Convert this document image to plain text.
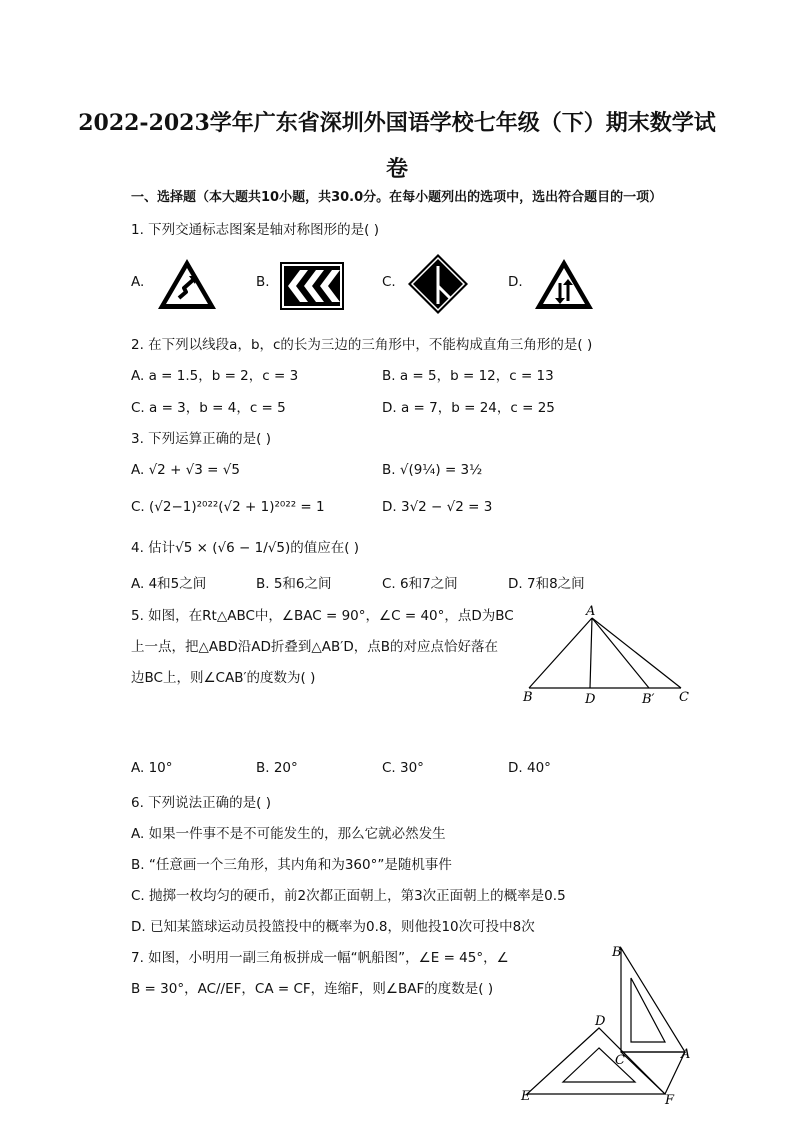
2022-2023学年广东省深圳外国语学校七年级（下）期末数学试
卷
一、选择题（本大题共10小题，共30.0分。在每小题列出的选项中，选出符合题目的一项）
1. 下列交通标志图案是轴对称图形的是( )
A.	B.	C.	D.
2. 在下列以线段a，b，c的长为三边的三角形中，不能构成直角三角形的是( )
A. a = 1.5，b = 2，c = 3	B. a = 5，b = 12，c = 13
C. a = 3，b = 4，c = 5	D. a = 7，b = 24，c = 25
3. 下列运算正确的是( )
A. √2 + √3 = √5	B. √(9¼) = 3½
C. (√2−1)²⁰²²(√2 + 1)²⁰²² = 1	D. 3√2 − √2 = 3
4. 估计√5 × (√6 − 1/√5)的值应在( )
A. 4和5之间	B. 5和6之间	C. 6和7之间	D. 7和8之间
5. 如图，在Rt△ABC中，∠BAC = 90°，∠C = 40°，点D为BC
上一点，把△ABD沿AD折叠到△AB′D，点B的对应点恰好落在
边BC上，则∠CAB′的度数为( )
A
B	D	B′ C
A. 10°	B. 20°	C. 30°	D. 40°
6. 下列说法正确的是( )
A. 如果一件事不是不可能发生的，那么它就必然发生
B. “任意画一个三角形，其内角和为360°”是随机事件
C. 抛掷一枚均匀的硬币，前2次都正面朝上，第3次正面朝上的概率是0.5
D. 已知某篮球运动员投篮投中的概率为0.8，则他投10次可投中8次
7. 如图，小明用一副三角板拼成一幅“帆船图”，∠E = 45°，∠
B = 30°，AC//EF，CA = CF，连缩F，则∠BAF的度数是( )
B
D
C	A
E	F
